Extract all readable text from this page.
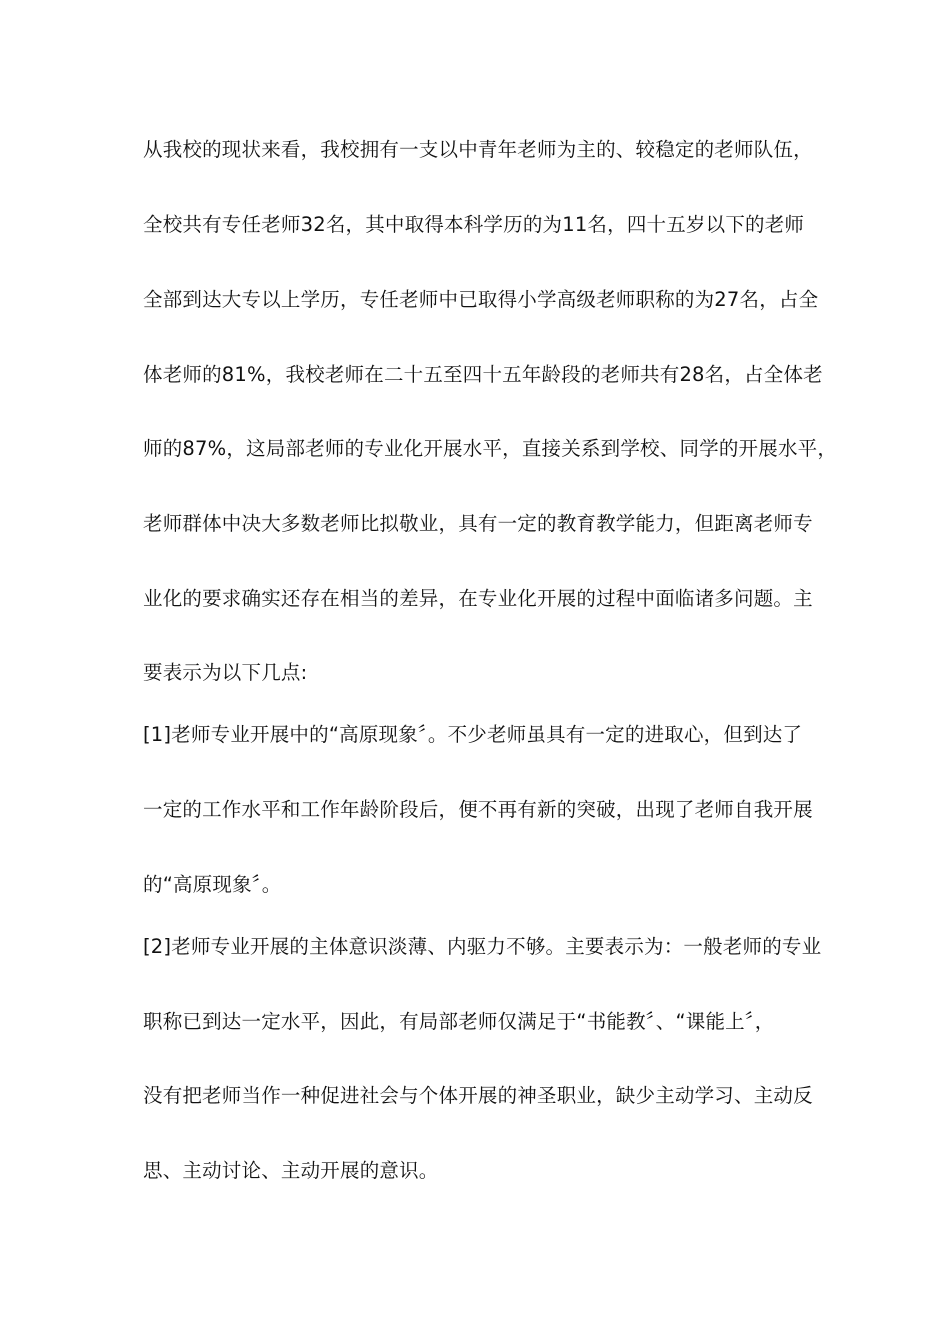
从我校的现状来看，我校拥有一支以中青年老师为主的、较稳定的老师队伍，
全校共有专任老师32名，其中取得本科学历的为11名，四十五岁以下的老师
全部到达大专以上学历，专任老师中已取得小学高级老师职称的为27名，占全
体老师的81%，我校老师在二十五至四十五年龄段的老师共有28名，占全体老
师的87%，这局部老师的专业化开展水平，直接关系到学校、同学的开展水平，
老师群体中决大多数老师比拟敬业，具有一定的教育教学能力，但距离老师专
业化的要求确实还存在相当的差异，在专业化开展的过程中面临诸多问题。主
要表示为以下几点:
[1]老师专业开展中的“高原现象〞。不少老师虽具有一定的进取心，但到达了
一定的工作水平和工作年龄阶段后，便不再有新的突破，出现了老师自我开展
的“高原现象〞。
[2]老师专业开展的主体意识淡薄、内驱力不够。主要表示为：一般老师的专业
职称已到达一定水平，因此，有局部老师仅满足于“书能教〞、“课能上〞，
没有把老师当作一种促进社会与个体开展的神圣职业，缺少主动学习、主动反
思、主动讨论、主动开展的意识。
